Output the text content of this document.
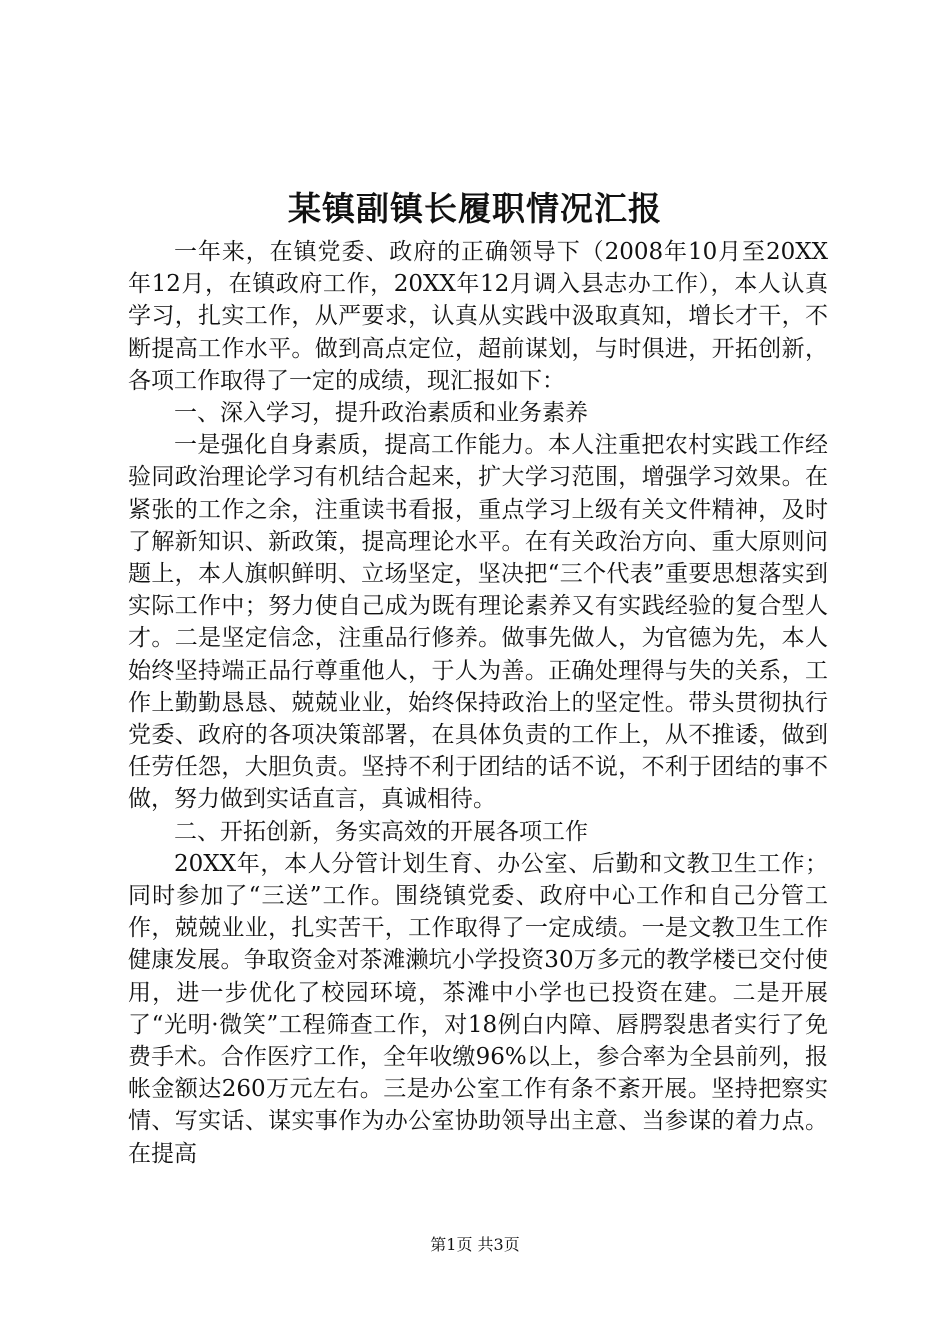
某镇副镇长履职情况汇报

一年来，在镇党委、政府的正确领导下（2008年10月至20XX年12月，在镇政府工作，20XX年12月调入县志办工作），本人认真学习，扎实工作，从严要求，认真从实践中汲取真知，增长才干，不断提高工作水平。做到高点定位，超前谋划，与时俱进，开拓创新，各项工作取得了一定的成绩，现汇报如下：

一、深入学习，提升政治素质和业务素养

一是强化自身素质，提高工作能力。本人注重把农村实践工作经验同政治理论学习有机结合起来，扩大学习范围，增强学习效果。在紧张的工作之余，注重读书看报，重点学习上级有关文件精神，及时了解新知识、新政策，提高理论水平。在有关政治方向、重大原则问题上，本人旗帜鲜明、立场坚定，坚决把“三个代表”重要思想落实到实际工作中；努力使自己成为既有理论素养又有实践经验的复合型人才。二是坚定信念，注重品行修养。做事先做人，为官德为先，本人始终坚持端正品行尊重他人，于人为善。正确处理得与失的关系，工作上勤勤恳恳、兢兢业业，始终保持政治上的坚定性。带头贯彻执行党委、政府的各项决策部署，在具体负责的工作上，从不推诿，做到任劳任怨，大胆负责。坚持不利于团结的话不说，不利于团结的事不做，努力做到实话直言，真诚相待。

二、开拓创新，务实高效的开展各项工作

20XX年，本人分管计划生育、办公室、后勤和文教卫生工作；同时参加了“三送”工作。围绕镇党委、政府中心工作和自己分管工作，兢兢业业，扎实苦干，工作取得了一定成绩。一是文教卫生工作健康发展。争取资金对茶滩濑坑小学投资30万多元的教学楼已交付使用，进一步优化了校园环境，茶滩中小学也已投资在建。二是开展了“光明·微笑”工程筛查工作，对18例白内障、唇腭裂患者实行了免费手术。合作医疗工作，全年收缴96%以上，参合率为全县前列，报帐金额达260万元左右。三是办公室工作有条不紊开展。坚持把察实情、写实话、谋实事作为办公室协助领导出主意、当参谋的着力点。在提高

第1页 共3页
